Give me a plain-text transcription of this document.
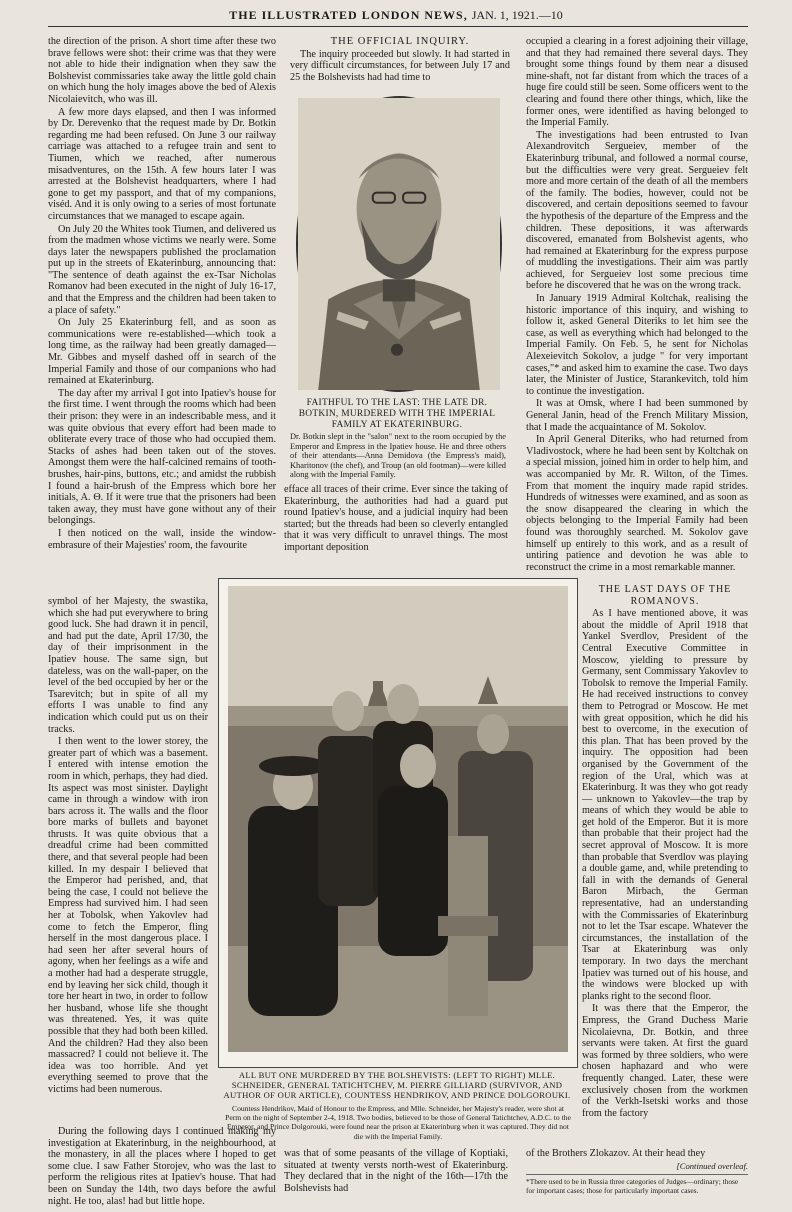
THE ILLUSTRATED LONDON NEWS, JAN. 1, 1921.—10

the direction of the prison. A short time after these two brave fellows were shot: their crime was that they were not able to hide their indignation when they saw the Bolshevist commissaries take away the little gold chain on which hung the holy images above the bed of Alexis Nicolaievitch, who was ill.

A few more days elapsed, and then I was informed by Dr. Derevenko that the request made by Dr. Botkin regarding me had been refused. On June 3 our railway carriage was attached to a refugee train and sent to Tiumen, which we reached, after numerous misadventures, on the 15th. A few hours later I was arrested at the Bolshevist headquarters, where I had gone to get my passport, and that of my companions, viséd. And it is only owing to a series of most fortunate circumstances that we managed to escape again.

On July 20 the Whites took Tiumen, and delivered us from the madmen whose victims we nearly were. Some days later the newspapers published the proclamation put up in the streets of Ekaterinburg, announcing that: "The sentence of death against the ex-Tsar Nicholas Romanov had been executed in the night of July 16-17, and that the Empress and the children had been taken to a place of safety."

On July 25 Ekaterinburg fell, and as soon as communications were re-established—which took a long time, as the railway had been greatly damaged—Mr. Gibbes and myself dashed off in search of the Imperial Family and those of our companions who had remained at Ekaterinburg.

The day after my arrival I got into Ipatiev's house for the first time. I went through the rooms which had been their prison: they were in an indescribable mess, and it was quite obvious that every effort had been made to obliterate every trace of those who had occupied them. Stacks of ashes had been taken out of the stoves. Amongst them were the half-calcined remains of tooth-brushes, hair-pins, buttons, etc.; and amidst the rubbish I found a hair-brush of the Empress which bore her initials, A. Θ. If it were true that the prisoners had been taken away, they must have gone without any of their belongings.

I then noticed on the wall, inside the window-embrasure of their Majesties' room, the favourite

symbol of her Majesty, the swastika, which she had put everywhere to bring good luck. She had drawn it in pencil, and had put the date, April 17/30, the day of their imprisonment in the Ipatiev house. The same sign, but dateless, was on the wall-paper, on the level of the bed occupied by her or the Tsarevitch; but in spite of all my efforts I was unable to find any indication which could put us on their tracks.

I then went to the lower storey, the greater part of which was a basement. I entered with intense emotion the room in which, perhaps, they had died. Its aspect was most sinister. Daylight came in through a window with iron bars across it. The walls and the floor bore marks of bullets and bayonet thrusts. It was quite obvious that a dreadful crime had been committed there, and that several people had been killed. In my despair I believed that the Emperor had perished, and, that being the case, I could not believe the Empress had survived him. I had seen her at Tobolsk, when Yakovlev had come to fetch the Emperor, fling herself in the most dangerous place. I had seen her after several hours of agony, when her feelings as a wife and a mother had had a desperate struggle, end by leaving her sick child, though it tore her heart in two, in order to follow her husband, whose life she thought was threatened. Yes, it was quite possible that they had both been killed. And the children? Had they also been massacred? I could not believe it. The idea was too horrible. And yet everything seemed to prove that the victims had been numerous.

During the following days I continued making my investigation at Ekaterinburg, in the neighbourhood, at the monastery, in all the places where I hoped to get some clue. I saw Father Storojev, who was the last to perform the religious rites at Ipatiev's house. That had been on Sunday the 14th, two days before the awful night. He too, alas! had but little hope.

THE OFFICIAL INQUIRY.

The inquiry proceeded but slowly. It had started in very difficult circumstances, for between July 17 and 25 the Bolshevists had had time to

FAITHFUL TO THE LAST: THE LATE DR. BOTKIN, MURDERED WITH THE IMPERIAL FAMILY AT EKATERINBURG.
Dr. Botkin slept in the "salon" next to the room occupied by the Emperor and Empress in the Ipatiev house. He and three others of their attendants—Anna Demidova (the Empress's maid), Kharitonov (the chef), and Troup (an old footman)—were killed along with the Imperial Family.

efface all traces of their crime. Ever since the taking of Ekaterinburg, the authorities had had a guard put round Ipatiev's house, and a judicial inquiry had been started; but the threads had been so cleverly entangled that it was very difficult to unravel things. The most important deposition

ALL BUT ONE MURDERED BY THE BOLSHEVISTS: (LEFT TO RIGHT) MLLE. SCHNEIDER, GENERAL TATICHTCHEV, M. PIERRE GILLIARD (SURVIVOR, AND AUTHOR OF OUR ARTICLE), COUNTESS HENDRIKOV, AND PRINCE DOLGOROUKI.
Countess Hendrikov, Maid of Honour to the Empress, and Mlle. Schneider, her Majesty's reader, were shot at Perm on the night of September 2-4, 1918. Two bodies, believed to be those of General Tatichtchev, A.D.C. to the Emperor, and Prince Dolgorouki, were found near the prison at Ekaterinburg when it was captured. They did not die with the Imperial Family.

was that of some peasants of the village of Koptiaki, situated at twenty versts north-west of Ekaterinburg. They declared that in the night of the 16th—17th the Bolshevists had

occupied a clearing in a forest adjoining their village, and that they had remained there several days. They brought some things found by them near a disused mine-shaft, not far distant from which the traces of a huge fire could still be seen. Some officers went to the clearing and found there other things, which, like the former ones, were identified as having belonged to the Imperial Family.

The investigations had been entrusted to Ivan Alexandrovitch Sergueiev, member of the Ekaterinburg tribunal, and followed a normal course, but the difficulties were very great. Sergueiev felt more and more certain of the death of all the members of the family. The bodies, however, could not be discovered, and certain depositions seemed to favour the hypothesis of the departure of the Empress and the children. These depositions, it was afterwards discovered, emanated from Bolshevist agents, who had remained at Ekaterinburg for the express purpose of muddling the investigations. Their aim was partly achieved, for Sergueiev lost some precious time before he discovered that he was on the wrong track.

In January 1919 Admiral Koltchak, realising the historic importance of this inquiry, and wishing to follow it, asked General Diteriks to let him see the case, as well as everything which had belonged to the Imperial Family. On Feb. 5, he sent for Nicholas Alexeievitch Sokolov, a judge " for very important cases,"* and asked him to examine the case. Two days later, the Minister of Justice, Starankevitch, told him to continue the investigation.

It was at Omsk, where I had been summoned by General Janin, head of the French Military Mission, that I made the acquaintance of M. Sokolov.

In April General Diteriks, who had returned from Vladivostock, where he had been sent by Koltchak on a special mission, joined him in order to help him, and was accompanied by Mr. R. Wilton, of the Times. From that moment the inquiry made rapid strides. Hundreds of witnesses were examined, and as soon as the snow disappeared the clearing in which the objects belonging to the Imperial Family had been found was thoroughly searched. M. Sokolov gave himself up entirely to this work, and as a result of untiring patience and devotion he was able to reconstruct the crime in a most remarkable manner.

THE LAST DAYS OF THE ROMANOVS.

As I have mentioned above, it was about the middle of April 1918 that Yankel Sverdlov, President of the Central Executive Committee in Moscow, yielding to pressure by Germany, sent Commissary Yakovlev to Tobolsk to remove the Imperial Family. He had received instructions to convey them to Petrograd or Moscow. He met with great opposition, which he did his best to overcome, in the execution of this plan. That has been proved by the inquiry. The opposition had been organised by the Government of the region of the Ural, which was at Ekaterinburg. It was they who got ready — unknown to Yakovlev—the trap by means of which they would be able to get hold of the Emperor. But it is more than probable that their project had the secret approval of Moscow. It is more than probable that Sverdlov was playing a double game, and, while pretending to fall in with the demands of General Baron Mirbach, the German representative, had an understanding with the Commissaries of Ekaterinburg not to let the Tsar escape. Whatever the circumstances, the installation of the Tsar at Ekaterinburg was only temporary. In two days the merchant Ipatiev was turned out of his house, and the windows were blocked up with planks right to the second floor.

It was there that the Emperor, the Empress, the Grand Duchess Marie Nicolaievna, Dr. Botkin, and three servants were taken. At first the guard was formed by three soldiers, who were chosen haphazard and who were frequently changed. Later, these were exclusively chosen from the workmen of the Verkh-Isetski works and those from the factory

of the Brothers Zlokazov. At their head they

[Continued overleaf.
*There used to be in Russia three categories of Judges—ordinary; those for important cases; those for particularly important cases.
